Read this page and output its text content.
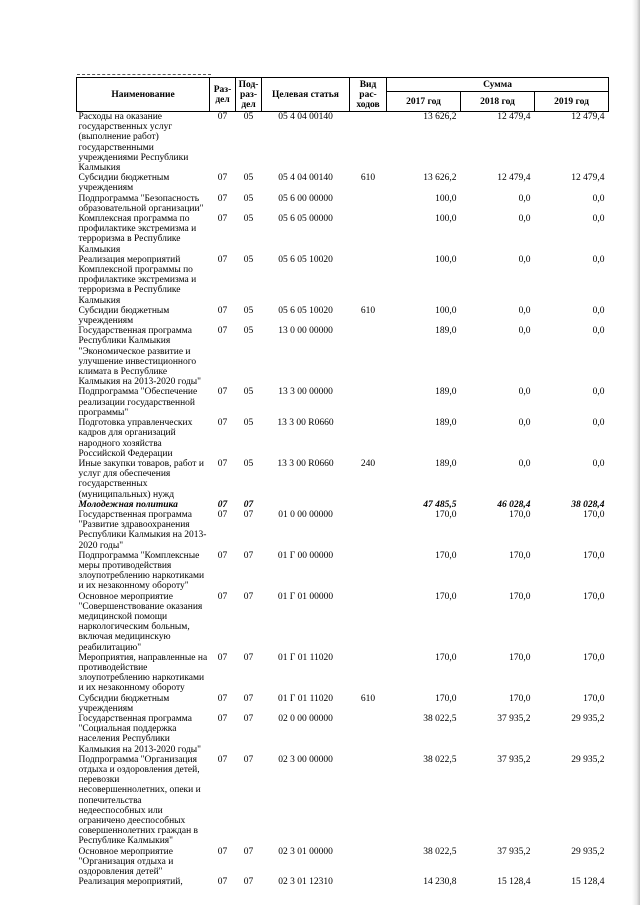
Наименование	Раз-дел	Под-раз-дел	Целевая статья	Вид рас-ходов	Сумма		
					2017 год	2018 год	2019 год
Расходы на оказание государственных услуг (выполнение работ) государственными учреждениями Республики Калмыкия	07	05	05 4 04 00140		13 626,2	12 479,4	12 479,4
Субсидии бюджетным учреждениям	07	05	05 4 04 00140	610	13 626,2	12 479,4	12 479,4
Подпрограмма "Безопасность образовательной организации"	07	05	05 6 00 00000		100,0	0,0	0,0
Комплексная программа по профилактике экстремизма и терроризма в Республике Калмыкия	07	05	05 6 05 00000		100,0	0,0	0,0
Реализация мероприятий Комплексной программы по профилактике экстремизма и терроризма в Республике Калмыкия	07	05	05 6 05 10020		100,0	0,0	0,0
Субсидии бюджетным учреждениям	07	05	05 6 05 10020	610	100,0	0,0	0,0
Государственная программа Республики Калмыкия "Экономическое развитие и улучшение инвестиционного климата в Республике Калмыкия на 2013-2020 годы"	07	05	13 0 00 00000		189,0	0,0	0,0
Подпрограмма "Обеспечение реализации государственной программы"	07	05	13 3 00 00000		189,0	0,0	0,0
Подготовка управленческих кадров для организаций народного хозяйства Российской Федерации	07	05	13 3 00 R0660		189,0	0,0	0,0
Иные закупки товаров, работ и услуг для обеспечения государственных (муниципальных) нужд	07	05	13 3 00 R0660	240	189,0	0,0	0,0
Молодежная политика	07	07			47 485,5	46 028,4	38 028,4
Государственная программа "Развитие здравоохранения Республики Калмыкия на 2013-2020 годы"	07	07	01 0 00 00000		170,0	170,0	170,0
Подпрограмма "Комплексные меры противодействия злоупотреблению наркотиками и их незаконному обороту"	07	07	01 Г 00 00000		170,0	170,0	170,0
Основное мероприятие "Совершенствование оказания медицинской помощи наркологическим больным, включая медицинскую реабилитацию"	07	07	01 Г 01 00000		170,0	170,0	170,0
Мероприятия, направленные на противодействие злоупотреблению наркотиками и их незаконному обороту	07	07	01 Г 01 11020		170,0	170,0	170,0
Субсидии бюджетным учреждениям	07	07	01 Г 01 11020	610	170,0	170,0	170,0
Государственная программа "Социальная поддержка населения Республики Калмыкия на 2013-2020 годы"	07	07	02 0 00 00000		38 022,5	37 935,2	29 935,2
Подпрограмма "Организация отдыха и оздоровления детей, перевозки несовершеннолетних, опеки и попечительства недееспособных или ограничено дееспособных совершеннолетних граждан в Республике Калмыкия"	07	07	02 3 00 00000		38 022,5	37 935,2	29 935,2
Основное мероприятие "Организация отдыха и оздоровления детей"	07	07	02 3 01 00000		38 022,5	37 935,2	29 935,2
Реализация мероприятий,	07	07	02 3 01 12310		14 230,8	15 128,4	15 128,4
